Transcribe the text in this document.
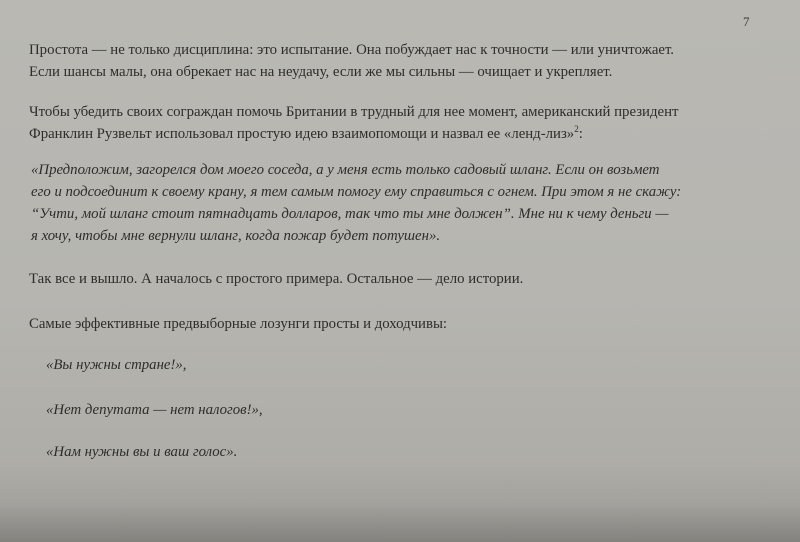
7
Простота — не только дисциплина: это испытание. Она побуждает нас к точности — или уничтожает.
Если шансы малы, она обрекает нас на неудачу, если же мы сильны — очищает и укрепляет.
Чтобы убедить своих сограждан помочь Британии в трудный для нее момент, американский президент
Франклин Рузвельт использовал простую идею взаимопомощи и назвал ее «ленд-лиз»$^2$:
«Предположим, загорелся дом моего соседа, а у меня есть только садовый шланг. Если он возьмет
его и подсоединит к своему крану, я тем самым помогу ему справиться с огнем. При этом я не скажу:
“Учти, мой шланг стоит пятнадцать долларов, так что ты мне должен”. Мне ни к чему деньги —
я хочу, чтобы мне вернули шланг, когда пожар будет потушен».
Так все и вышло. А началось с простого примера. Остальное — дело истории.
Самые эффективные предвыборные лозунги просты и доходчивы:
«Вы нужны стране!»,
«Нет депутата — нет налогов!»,
«Нам нужны вы и ваш голос».
